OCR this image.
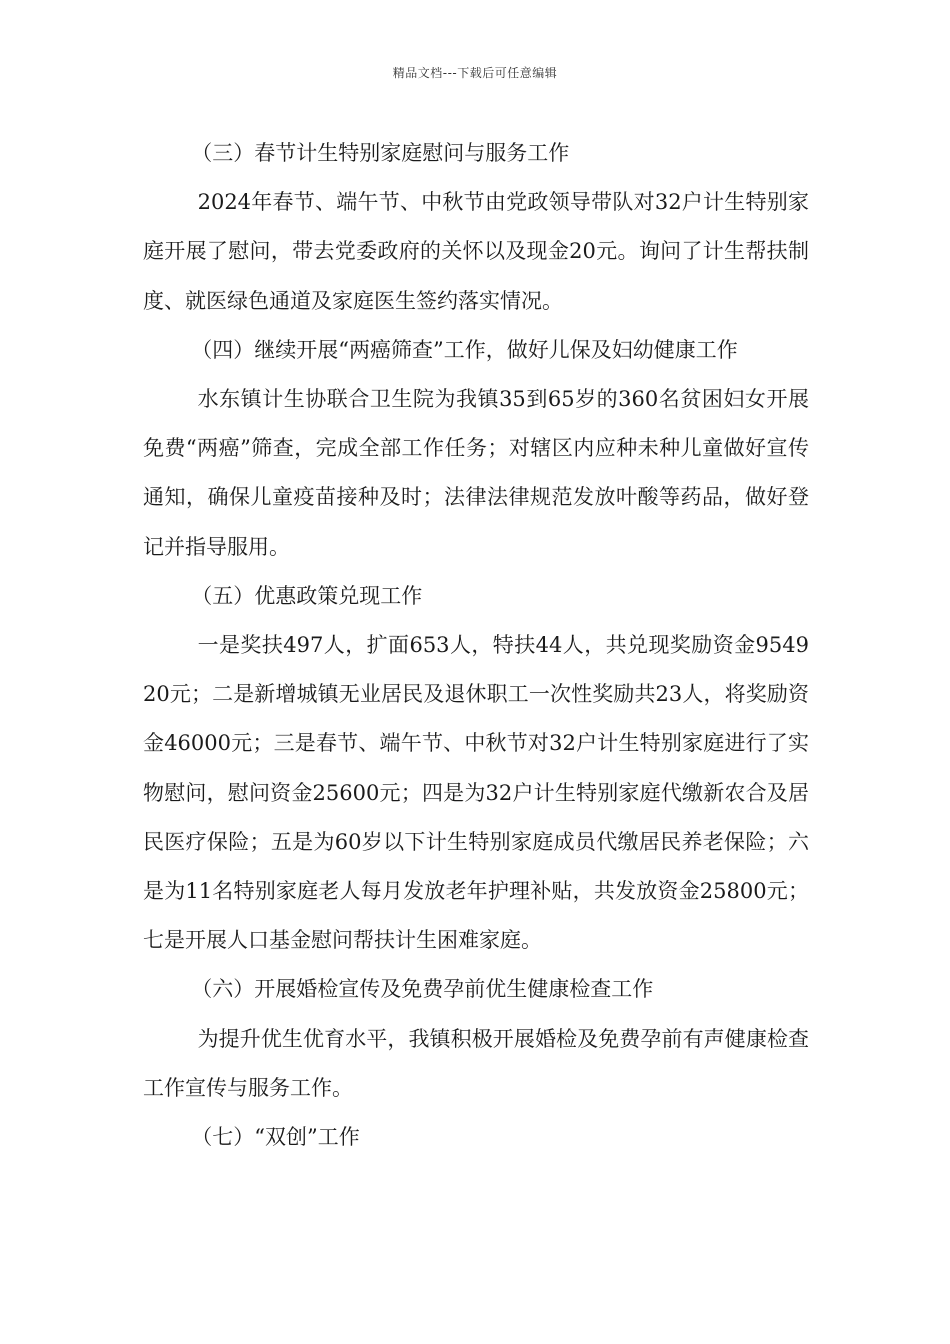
精品文档---下载后可任意编辑

（三）春节计生特别家庭慰问与服务工作

2024年春节、端午节、中秋节由党政领导带队对32户计生特别家庭开展了慰问，带去党委政府的关怀以及现金20元。询问了计生帮扶制度、就医绿色通道及家庭医生签约落实情况。

（四）继续开展“两癌筛查”工作，做好儿保及妇幼健康工作

水东镇计生协联合卫生院为我镇35到65岁的360名贫困妇女开展免费“两癌”筛查，完成全部工作任务；对辖区内应种未种儿童做好宣传通知，确保儿童疫苗接种及时；法律法律规范发放叶酸等药品，做好登记并指导服用。

（五）优惠政策兑现工作

一是奖扶497人，扩面653人，特扶44人，共兑现奖励资金954920元；二是新增城镇无业居民及退休职工一次性奖励共23人，将奖励资金46000元；三是春节、端午节、中秋节对32户计生特别家庭进行了实物慰问，慰问资金25600元；四是为32户计生特别家庭代缴新农合及居民医疗保险；五是为60岁以下计生特别家庭成员代缴居民养老保险；六是为11名特别家庭老人每月发放老年护理补贴，共发放资金25800元；七是开展人口基金慰问帮扶计生困难家庭。

（六）开展婚检宣传及免费孕前优生健康检查工作

为提升优生优育水平，我镇积极开展婚检及免费孕前有声健康检查工作宣传与服务工作。

（七）“双创”工作
